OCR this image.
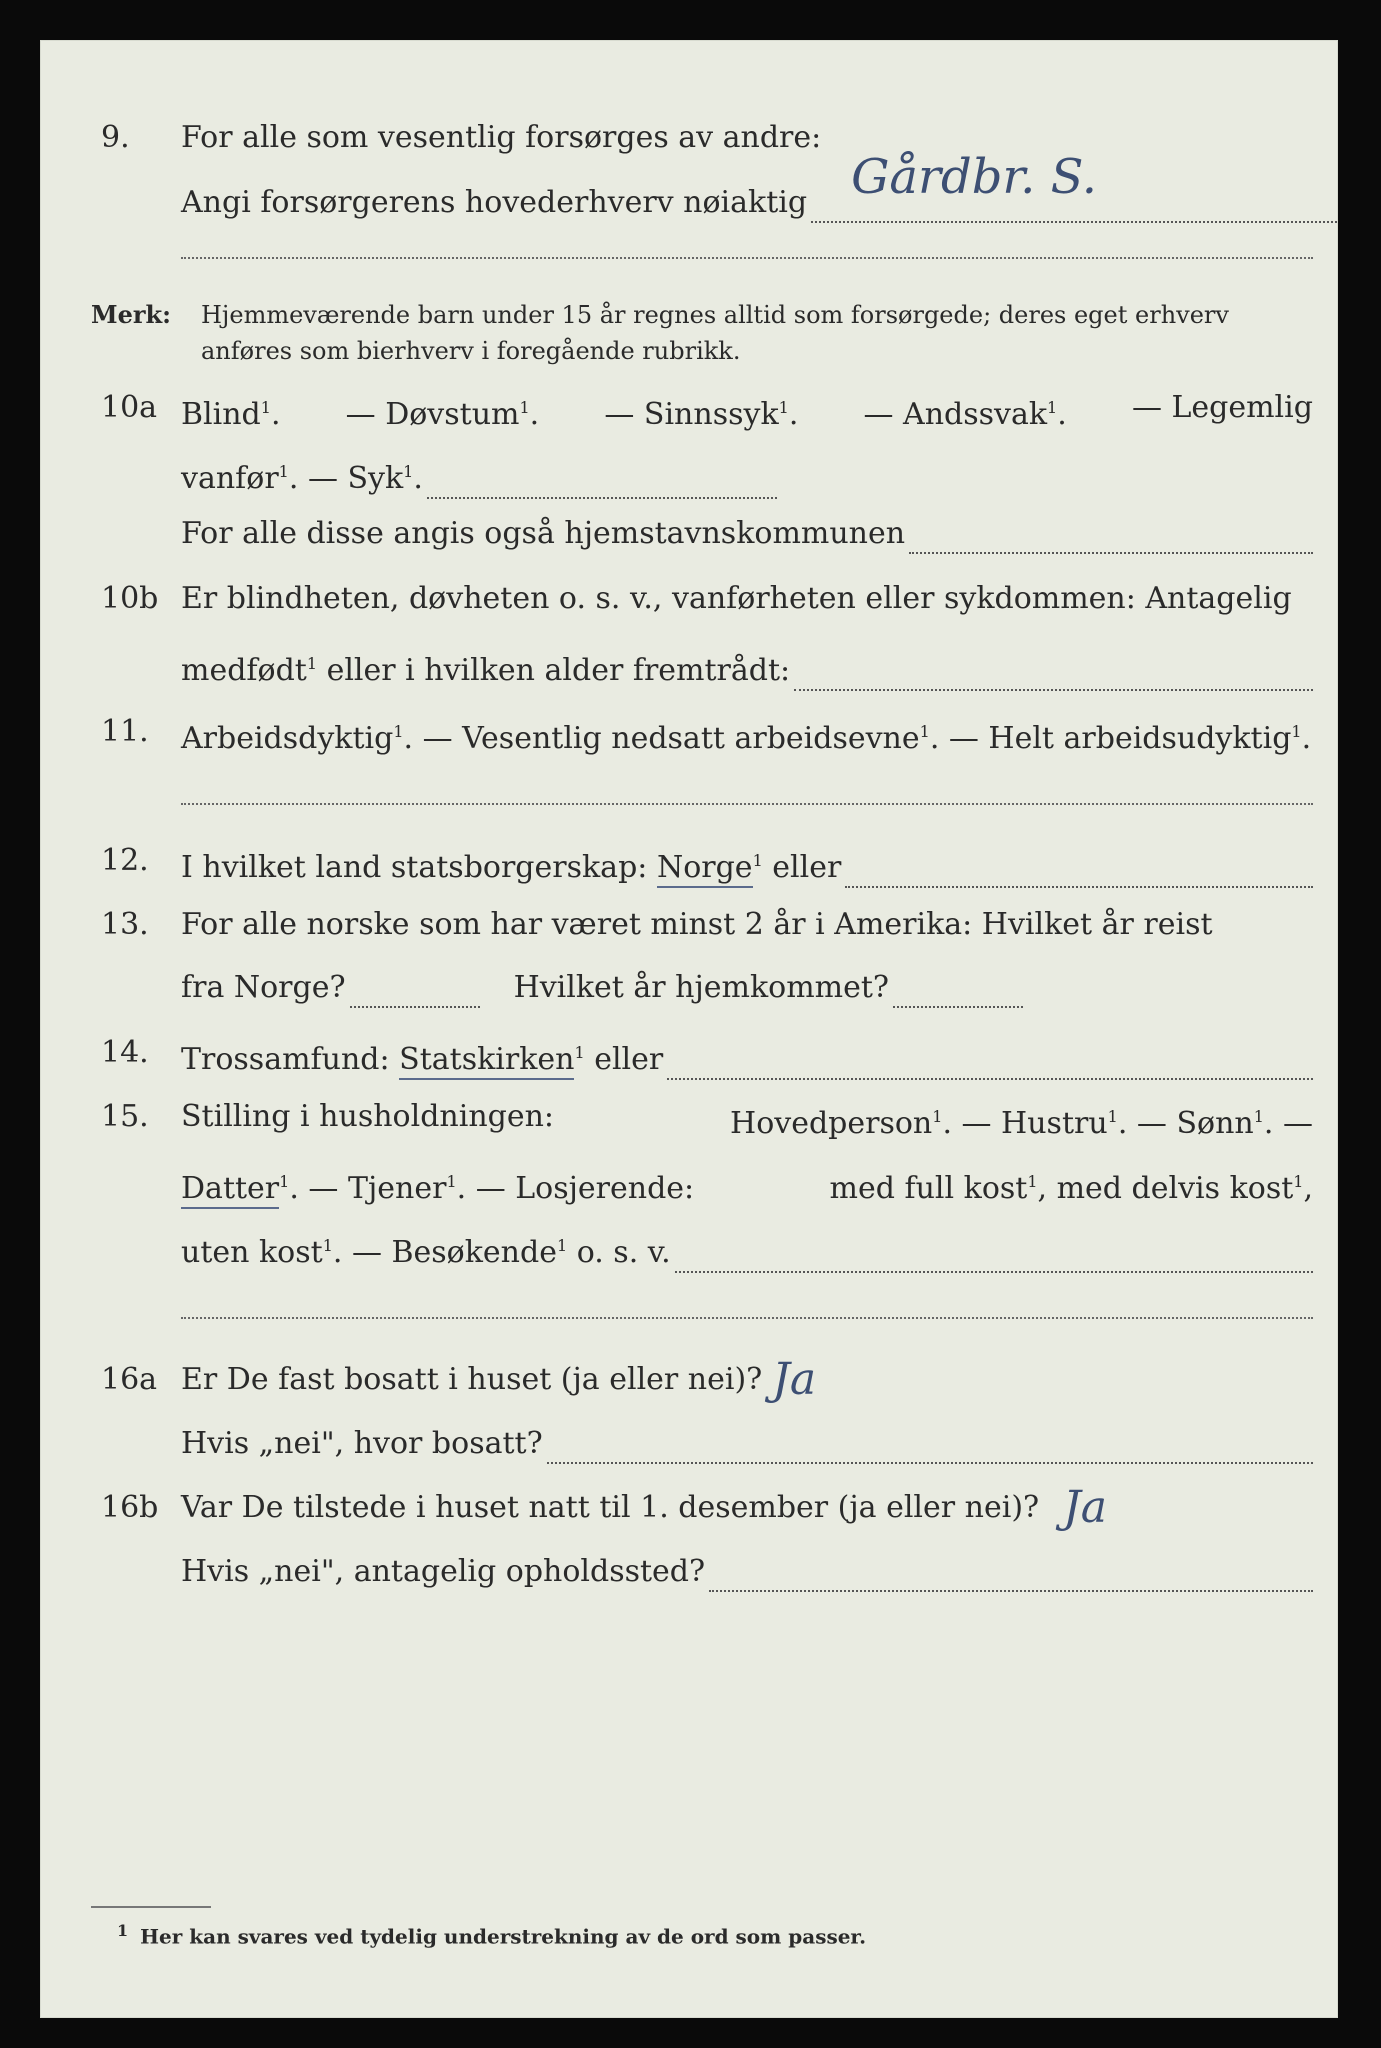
9. For alle som vesentlig forsørges av andre:
Angi forsørgerens hovederhverv nøiaktig Gårdbr. S.
Merk: Hjemmeværende barn under 15 år regnes alltid som forsørgede; deres eget erhverv
anføres som bierhverv i foregående rubrikk.
10a Blind$^1$. — Døvstum$^1$. — Sinnssyk$^1$. — Andssvak$^1$. — Legemlig
vanfør$^1$. — Syk$^1$.
For alle disse angis også hjemstavnskommunen
10b Er blindheten, døvheten o. s. v., vanførheten eller sykdommen: Antagelig
medfødt$^1$ eller i hvilken alder fremtrådt:
11. Arbeidsdyktig$^1$. — Vesentlig nedsatt arbeidsevne$^1$. — Helt arbeidsudyktig$^1$.
12. I hvilket land statsborgerskap: Norge$^1$ eller
13. For alle norske som har været minst 2 år i Amerika: Hvilket år reist
fra Norge?	Hvilket år hjemkommet?
14. Trossamfund: Statskirken$^1$ eller
15. Stilling i husholdningen:	Hovedperson$^1$. — Hustru$^1$. — Sønn$^1$. —
Datter$^1$. — Tjener$^1$. — Losjerende:	med full kost$^1$, med delvis kost$^1$,
uten kost$^1$. — Besøkende$^1$ o. s. v.
16a Er De fast bosatt i huset (ja eller nei)? Ja
Hvis „nei", hvor bosatt?
16b Var De tilstede i huset natt til 1. desember (ja eller nei)? Ja
Hvis „nei", antagelig opholdssted?
$^1$ Her kan svares ved tydelig understrekning av de ord som passer.
